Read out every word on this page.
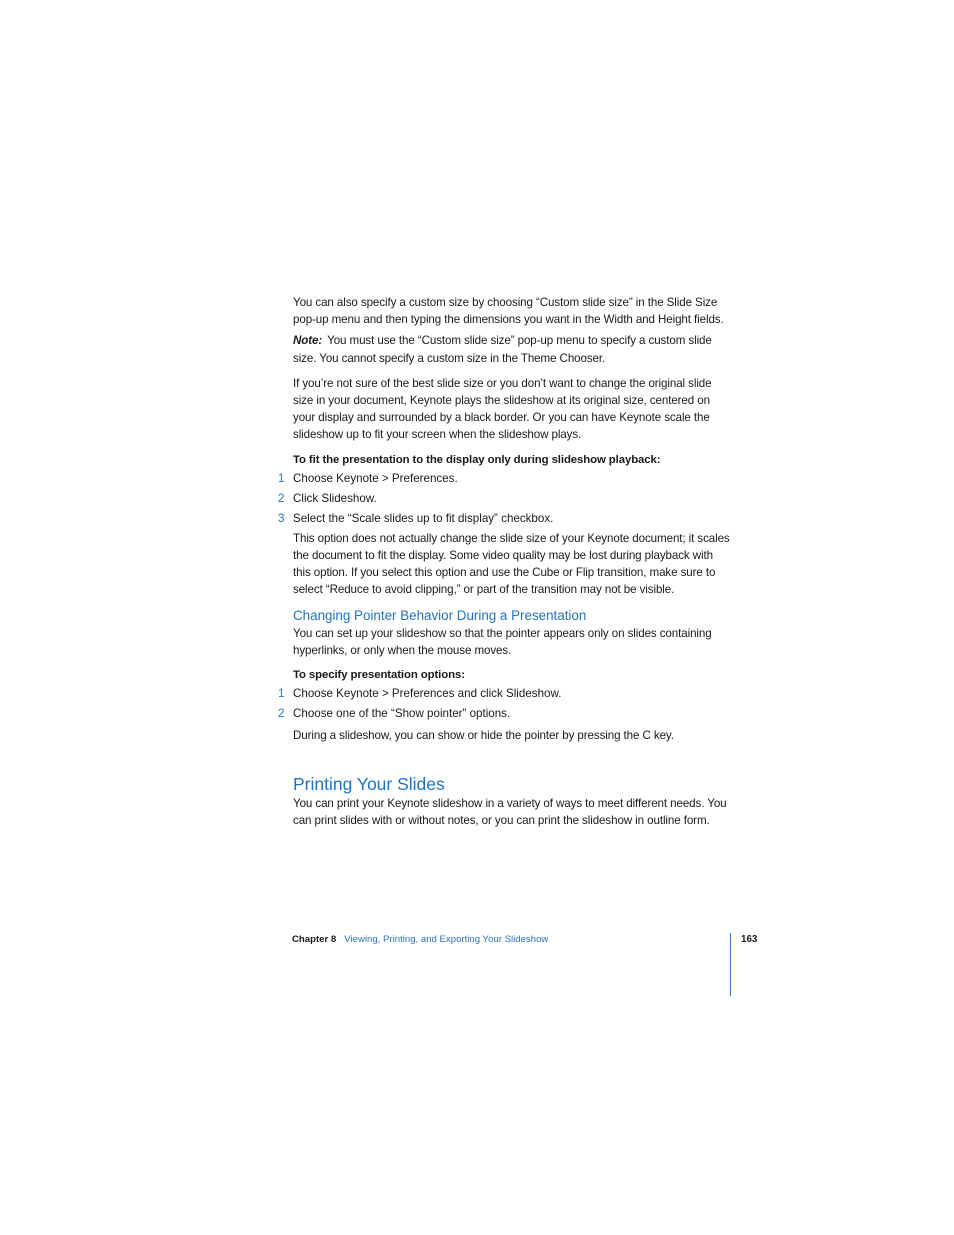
You can also specify a custom size by choosing “Custom slide size” in the Slide Size pop-up menu and then typing the dimensions you want in the Width and Height fields.

Note: You must use the “Custom slide size” pop-up menu to specify a custom slide size. You cannot specify a custom size in the Theme Chooser.

If you’re not sure of the best slide size or you don’t want to change the original slide size in your document, Keynote plays the slideshow at its original size, centered on your display and surrounded by a black border. Or you can have Keynote scale the slideshow up to fit your screen when the slideshow plays.

To fit the presentation to the display only during slideshow playback:

1 Choose Keynote > Preferences.
2 Click Slideshow.
3 Select the “Scale slides up to fit display” checkbox.

This option does not actually change the slide size of your Keynote document; it scales the document to fit the display. Some video quality may be lost during playback with this option. If you select this option and use the Cube or Flip transition, make sure to select “Reduce to avoid clipping,” or part of the transition may not be visible.

Changing Pointer Behavior During a Presentation

You can set up your slideshow so that the pointer appears only on slides containing hyperlinks, or only when the mouse moves.

To specify presentation options:

1 Choose Keynote > Preferences and click Slideshow.
2 Choose one of the “Show pointer” options.

During a slideshow, you can show or hide the pointer by pressing the C key.

Printing Your Slides

You can print your Keynote slideshow in a variety of ways to meet different needs. You can print slides with or without notes, or you can print the slideshow in outline form.

Chapter 8 Viewing, Printing, and Exporting Your Slideshow	163
